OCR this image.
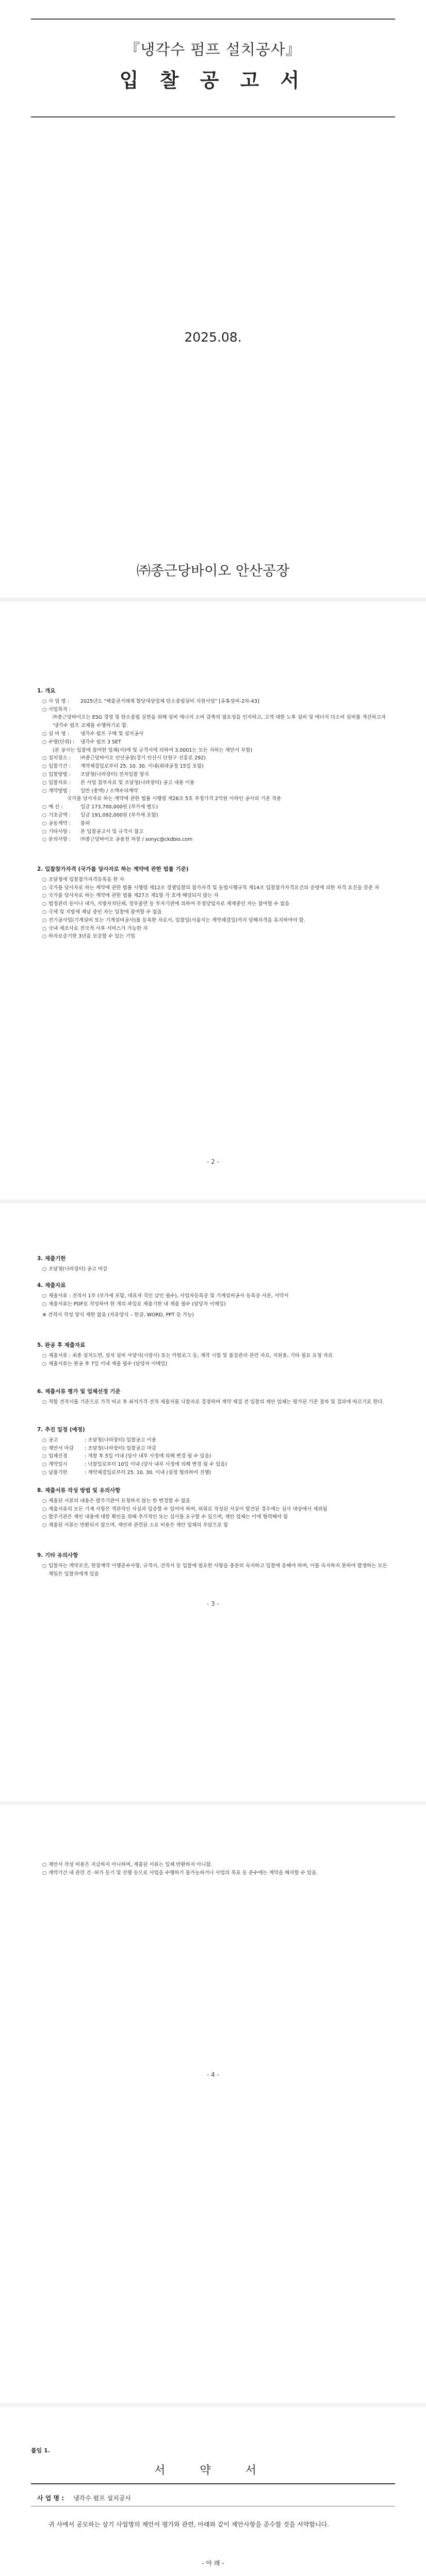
『냉각수 펌프 설치공사』
입 찰 공 고 서
2025.08.
㈜종근당바이오 안산공장
1. 개요
○ 사 업 명 :	2025년도 "배출권거래제 할당대상업체 탄소중립설비 지원사업" [유휴설비-2차-43]
○ 사업목적 :
㈜종근당바이오는 ESG 경영 및 탄소중립 실현을 위해 설비 에너지 소비 감축의 필요성을 인지하고, 고객 대한 노후 설비 및 에너지 다소비 설비를 개선하고자 '냉각수 펌프 교체를 수행하기로 함.
○ 설 비 명 :	냉각수 펌프 구매 및 설치공사
○ 수량(단위) :	냉각수 펌프 3 SET
(본 공사는 입찰에 참여한 업체(사)에 및 규격서에 의하여 3.0001는 모든 지하는 제안서 부합)
○ 설치장소 :	㈜종근당바이오 안산공장(경기 안산시 단원구 선흥로 292)
○ 입찰기간 :	계약체결일로부터 25. 10. 30. 이내(최대공정 15일 포함)
○ 입찰방법 :	조달청(나라장터) 전자입찰 방식
○ 입찰자료 :	본 사업 참부자료 및 조달청(나라장터) 공고 내용 이용
○ 계약방법 :	일반 (총액) / 소액수의계약
국가를 당사자로 하는 계약에 관한 법률 시행령 제26조 5호 추정가격 2억원 이하인 공사의 기준 적용
○ 예 산 :	일금 173,700,000원 (부가세 별도)
○ 기초금액 :	일금 191,092,000원 (부가세 포함)
○ 공동계약 :	불허
○ 기타사항 :	본 입찰공고서 및 규격서 참고
○ 문의사항 :	㈜종근당바이오 공용천 차장 / sonyc@ckdbio.com
2. 입찰참가자격 (국가를 당사자로 하는 계약에 관한 법률 기준)
○ 조달청에 입찰참가자격등록을 한 자
○ 국가를 당사자로 하는 계약에 관한 법률 시행령 제12조 경쟁입찰의 참가자격 및 동법시행규칙 제14조 입찰참가자격요건의 증명에 의한 자격 요건을 갖춘 자
○ 국가를 당사자로 하는 계약에 관한 법률 제27조 제1항 각 호에 해당되지 않는 자
○ 법정관리 등이나 내가, 지방자치단체, 정부출연 등 투자기관에 의하여 부정당업자로 제재중인 자는 참여할 수 없음
○ 국세 및 지방세 체납 중인 자는 입찰에 참여할 수 없음
○ 전기공사업(기계설비 또는 기계설비공사)를 등록한 자로서, 입찰일(서울지는 계약체결일)까지 당해자격을 유지하여야 함.
○ 국내 제조사로 전국적 사후 서비스가 가능한 자
○ 하자보증기한 3년을 보증할 수 있는 기업
- 2 -
3. 제출기한
○ 조달청(나라장터) 공고 마감
4. 제출자료
○ 제출서류 : 견적서 1부 (부가세 포함, 대표자 직인 날인 필수), 사업자등록증 및 기계설비공사 등록증 사본, 서약서
○ 제출서류는 PDF로 작성하여 한 개의 파일로 제출기한 내 제출 필수 (담당자 이메일)
※ 견적서 작성 양식 제한 없음 (자유양식 – 한글, WORD, PPT 등 가능)
5. 완공 후 제출자료
○ 제출서류 : 최종 설치도면, 설치 설비 사양서(시방서) 또는 카탈로그 등, 제작 시험 및 품질관리 관련 자료, 지원용, 기타 필요 요청 자료
○ 제출서류는 완공 후 7일 이내 제출 필수 (담당자 이메일)
6. 제출서류 평가 및 업체선정 기준
○ 적합 견적서를 기준으로 가격 비교 후 최저가격 견적 제출자를 낙찰자로 결정하며 계약 체결 전 입찰의 제안 업체는 평가된 기준 절차 및 결과에 따르기로 한다.
7. 추진 일정 (예정)
○ 공고	: 조달청(나라장터) 입찰공고 이용
○ 제안서 마감	: 조달청(나라장터) 입찰공고 마감
○ 업체선정	: 개찰 후 5일 이내 (당사 내부 사정에 의해 변경 될 수 있음)
○ 계약일시	: 낙찰일로부터 10일 이내 (당사 내부 사정에 의해 변경 될 수 있음)
○ 납품기한	: 계약체결일로부터 25. 10. 30. 이내 (설정 협의하여 진행)
8. 제출서류 작성 방법 및 유의사항
○ 제출된 서류의 내용은 발주기관이 요청하지 않는 한 변경할 수 없음
○ 제출서류의 모든 기재 사항은 객관적인 사실과 입증할 수 있어야 하며, 허위로 작성된 서실이 발견된 경우에는 심사 대상에서 제외됨
○ 발주기관은 제안 내용에 대한 확인을 위해 추가적인 또는 실사를 요구할 수 있으며, 제안 업체는 이에 협력해야 함
○ 제출된 서류는 반환되지 않으며, 제안과 관련된 소요 비용은 제안 업체의 부담으로 함
9. 기타 유의사항
○ 입찰자는 계약조건, 현장계약 이행준수사항, 규격서, 견적서 등 입찰에 필요한 사항을 충분히 숙지하고 입찰에 응해야 하며, 이를 숙지하지 못하여 발생하는 모든 책임은 입찰자에게 있음
- 3 -
○ 제안서 작성 비용은 지급하지 아니하며, 제출된 서류는 일체 반환하지 아니함.
○ 계약기간 내 관련 건 ·허가 등기 및 진행 등으로 사업을 수행하기 불가능하거나 사업의 목표 등 준수에는 계약을 해지할 수 있음.
- 4 -
붙임 1.
서 약 서
사 업 명 : 냉각수 펌프 설치공사
귀 사에서 공모하는 상기 사업명의 제안서 평가와 관련, 아래와 같이 제안사항을 준수할 것을 서약합니다.
- 아 래 -
